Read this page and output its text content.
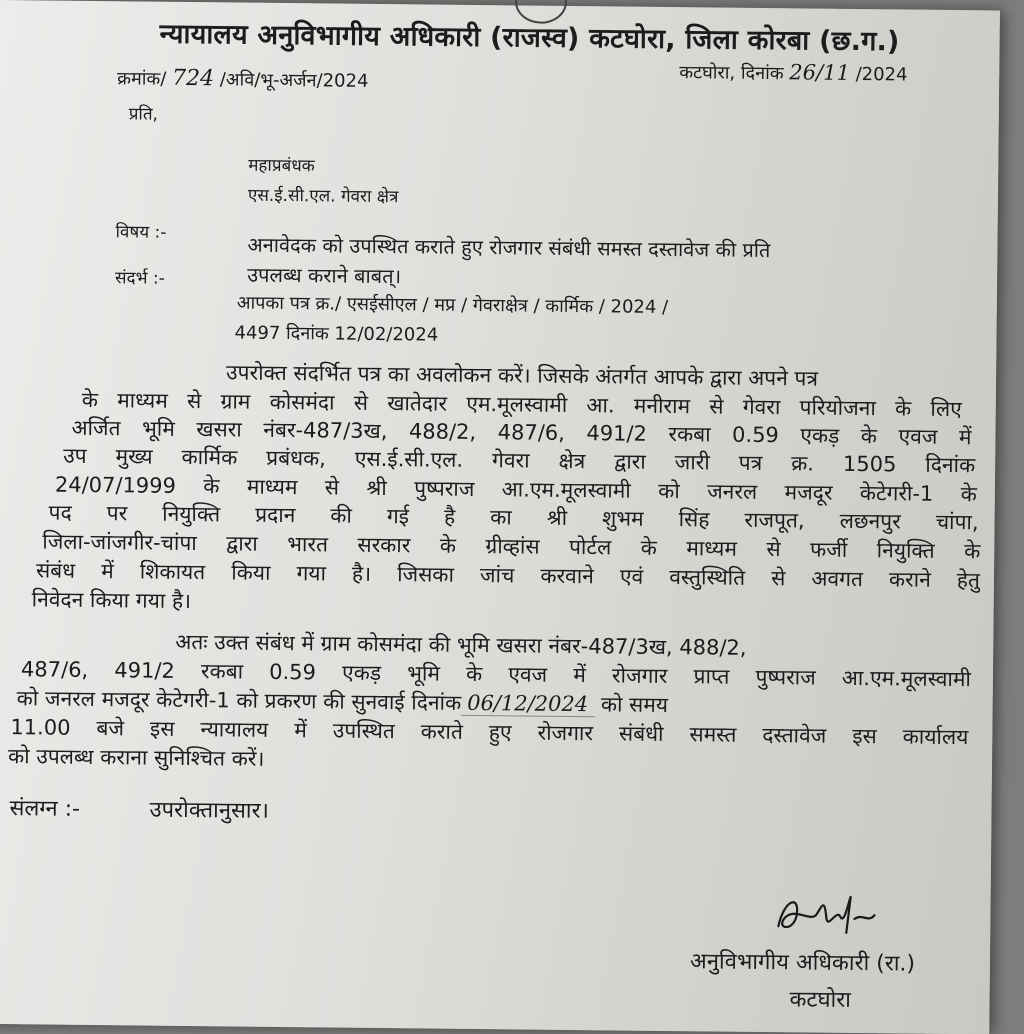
न्यायालय अनुविभागीय अधिकारी (राजस्व) कटघोरा, जिला कोरबा (छ.ग.)
क्रमांक/ 724 /अवि/भू-अर्जन/2024	कटघोरा, दिनांक 26/11 /2024
प्रति,
महाप्रबंधक
एस.ई.सी.एल. गेवरा क्षेत्र
विषय :-
अनावेदक को उपस्थित कराते हुए रोजगार संबंधी समस्त दस्तावेज की प्रति
उपलब्ध कराने बाबत्।
संदर्भ :-
आपका पत्र क्र./ एसईसीएल / मप्र / गेवराक्षेत्र / कार्मिक / 2024 /
4497 दिनांक 12/02/2024
उपरोक्त संदर्भित पत्र का अवलोकन करें। जिसके अंतर्गत आपके द्वारा अपने पत्र
के माध्यम से ग्राम कोसमंदा से खातेदार एम.मूलस्वामी आ. मनीराम से गेवरा परियोजना के लिए
अर्जित भूमि खसरा नंबर-487/3ख, 488/2, 487/6, 491/2 रकबा 0.59 एकड़ के एवज में
उप मुख्य कार्मिक प्रबंधक, एस.ई.सी.एल. गेवरा क्षेत्र द्वारा जारी पत्र क्र. 1505 दिनांक
24/07/1999 के माध्यम से श्री पुष्पराज आ.एम.मूलस्वामी को जनरल मजदूर केटेगरी-1 के
पद पर नियुक्ति प्रदान की गई है का श्री शुभम सिंह राजपूत, लछनपुर चांपा,
जिला-जांजगीर-चांपा द्वारा भारत सरकार के ग्रीव्हांस पोर्टल के माध्यम से फर्जी नियुक्ति के
संबंध में शिकायत किया गया है। जिसका जांच करवाने एवं वस्तुस्थिति से अवगत कराने हेतु
निवेदन किया गया है।
अतः उक्त संबंध में ग्राम कोसमंदा की भूमि खसरा नंबर-487/3ख, 488/2,
487/6, 491/2 रकबा 0.59 एकड़ भूमि के एवज में रोजगार प्राप्त पुष्पराज आ.एम.मूलस्वामी
को जनरल मजदूर केटेगरी-1 को प्रकरण की सुनवाई दिनांक 06/12/2024 को समय
11.00 बजे इस न्यायालय में उपस्थित कराते हुए रोजगार संबंधी समस्त दस्तावेज इस कार्यालय
को उपलब्ध कराना सुनिश्चित करें।
संलग्न :-	उपरोक्तानुसार।
अनुविभागीय अधिकारी (रा.)
कटघोरा
